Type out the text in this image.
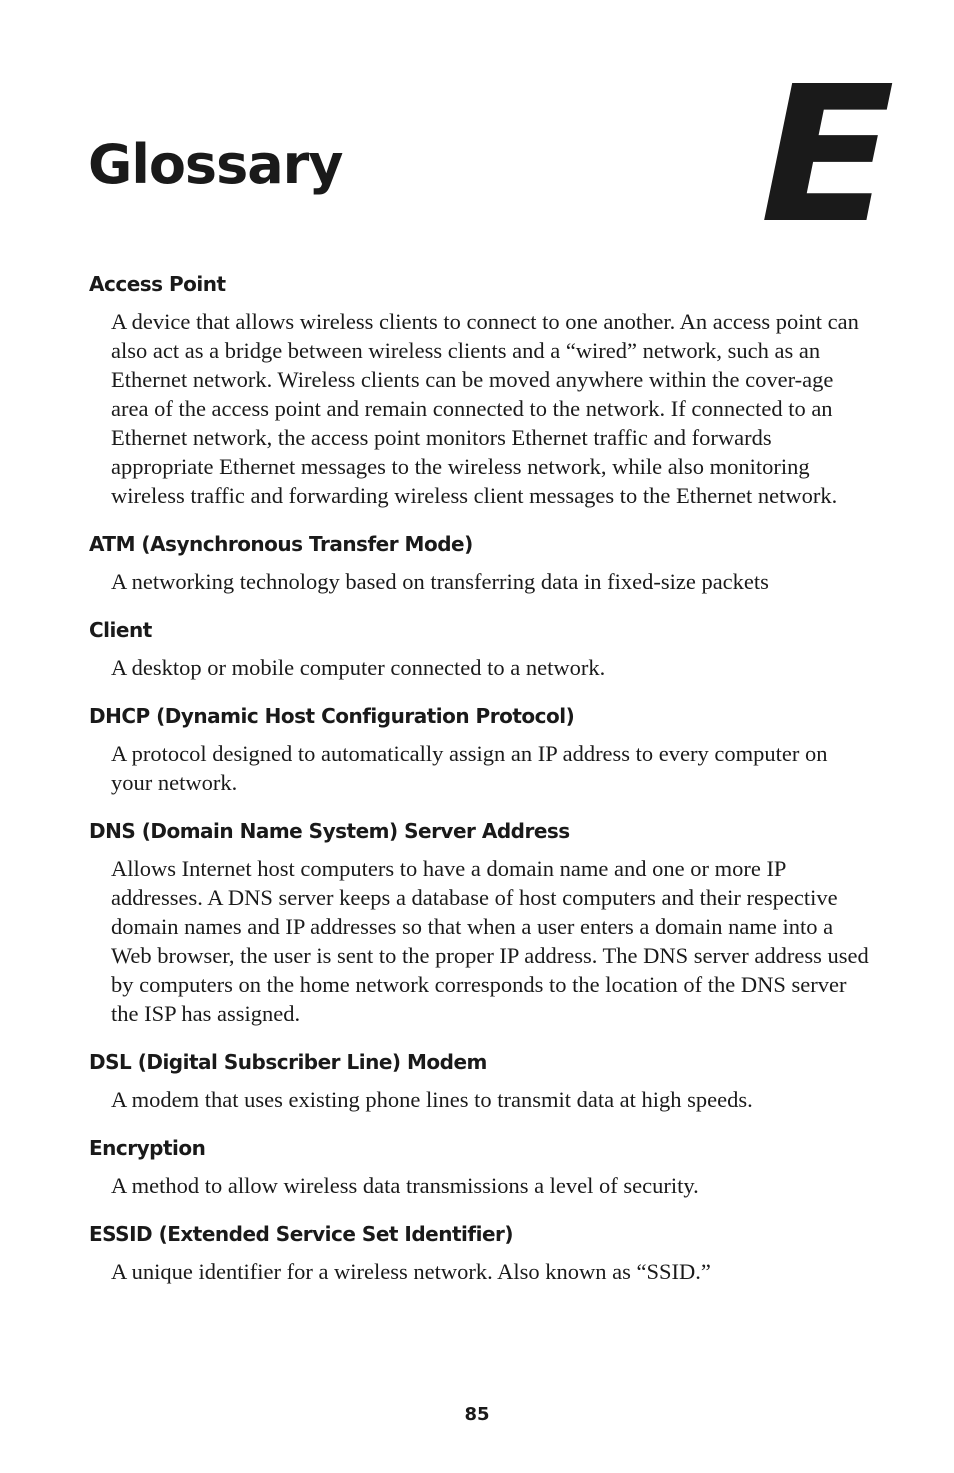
Glossary E
Access Point

A device that allows wireless clients to connect to one another. An access point can also act as a bridge between wireless clients and a “wired” network, such as an Ethernet network. Wireless clients can be moved anywhere within the cover-age area of the access point and remain connected to the network. If connected to an Ethernet network, the access point monitors Ethernet traffic and forwards appropriate Ethernet messages to the wireless network, while also monitoring wireless traffic and forwarding wireless client messages to the Ethernet network.

ATM (Asynchronous Transfer Mode)

A networking technology based on transferring data in fixed-size packets

Client

A desktop or mobile computer connected to a network.

DHCP (Dynamic Host Configuration Protocol)

A protocol designed to automatically assign an IP address to every computer on your network.

DNS (Domain Name System) Server Address

Allows Internet host computers to have a domain name and one or more IP addresses. A DNS server keeps a database of host computers and their respective domain names and IP addresses so that when a user enters a domain name into a Web browser, the user is sent to the proper IP address. The DNS server address used by computers on the home network corresponds to the location of the DNS server the ISP has assigned.

DSL (Digital Subscriber Line) Modem

A modem that uses existing phone lines to transmit data at high speeds.

Encryption

A method to allow wireless data transmissions a level of security.

ESSID (Extended Service Set Identifier)

A unique identifier for a wireless network. Also known as “SSID.”

85
